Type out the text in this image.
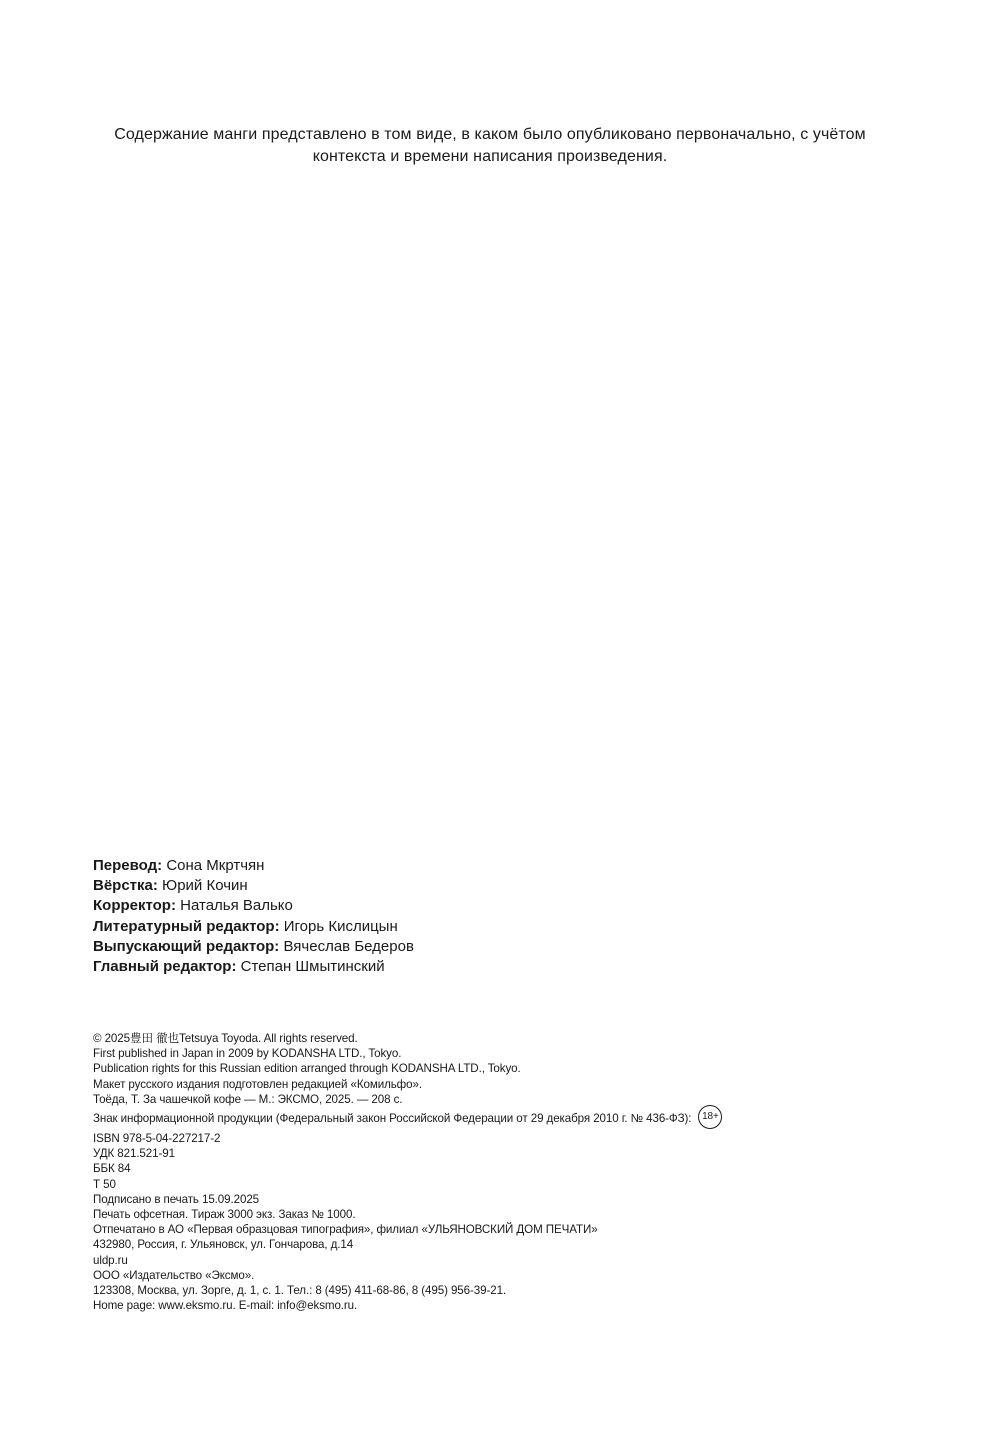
Содержание манги представлено в том виде, в каком было опубликовано первоначально, с учётом
контекста и времени написания произведения.
Перевод: Сона Мкртчян
Вёрстка: Юрий Кочин
Корректор: Наталья Валько
Литературный редактор: Игорь Кислицын
Выпускающий редактор: Вячеслав Бедеров
Главный редактор: Степан Шмытинский
© 2025豊田 徹也Tetsuya Toyoda. All rights reserved.
First published in Japan in 2009 by KODANSHA LTD., Tokyo.
Publication rights for this Russian edition arranged through KODANSHA LTD., Tokyo.
Макет русского издания подготовлен редакцией «Комильфо».
Тоёда, Т. За чашечкой кофе — М.: ЭКСМО, 2025. — 208 с.
Знак информационной продукции (Федеральный закон Российской Федерации от 29 декабря 2010 г. № 436-ФЗ): 18+
ISBN 978-5-04-227217-2
УДК 821.521-91
ББК 84
Т 50
Подписано в печать 15.09.2025
Печать офсетная. Тираж 3000 экз. Заказ № 1000.
Отпечатано в АО «Первая образцовая типография», филиал «УЛЬЯНОВСКИЙ ДОМ ПЕЧАТИ»
432980, Россия, г. Ульяновск, ул. Гончарова, д.14
uldp.ru
ООО «Издательство «Эксмо».
123308, Москва, ул. Зорге, д. 1, с. 1. Тел.: 8 (495) 411-68-86, 8 (495) 956-39-21.
Home page: www.eksmo.ru. E-mail: info@eksmo.ru.
